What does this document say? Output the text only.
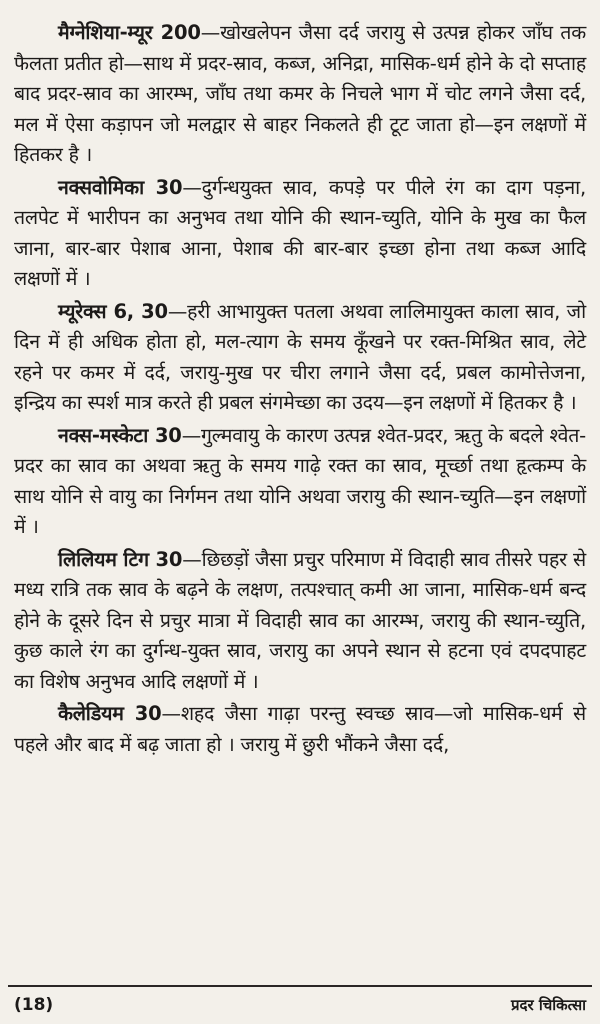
मैग्नेशिया-म्यूर 200—खोखलेपन जैसा दर्द जरायु से उत्पन्न होकर जाँघ तक फैलता प्रतीत हो—साथ में प्रदर-स्राव, कब्ज, अनिद्रा, मासिक-धर्म होने के दो सप्ताह बाद प्रदर-स्राव का आरम्भ, जाँघ तथा कमर के निचले भाग में चोट लगने जैसा दर्द, मल में ऐसा कड़ापन जो मलद्वार से बाहर निकलते ही टूट जाता हो—इन लक्षणों में हितकर है ।

नक्सवोमिका 30—दुर्गन्धयुक्त स्राव, कपड़े पर पीले रंग का दाग पड़ना, तलपेट में भारीपन का अनुभव तथा योनि की स्थान-च्युति, योनि के मुख का फैल जाना, बार-बार पेशाब आना, पेशाब की बार-बार इच्छा होना तथा कब्ज आदि लक्षणों में ।

म्यूरेक्स 6, 30—हरी आभायुक्त पतला अथवा लालिमायुक्त काला स्राव, जो दिन में ही अधिक होता हो, मल-त्याग के समय कूँखने पर रक्त-मिश्रित स्राव, लेटे रहने पर कमर में दर्द, जरायु-मुख पर चीरा लगाने जैसा दर्द, प्रबल कामोत्तेजना, इन्द्रिय का स्पर्श मात्र करते ही प्रबल संगमेच्छा का उदय—इन लक्षणों में हितकर है ।

नक्स-मस्केटा 30—गुल्मवायु के कारण उत्पन्न श्वेत-प्रदर, ऋतु के बदले श्वेत-प्रदर का स्राव का अथवा ऋतु के समय गाढ़े रक्त का स्राव, मूर्च्छा तथा हृत्कम्प के साथ योनि से वायु का निर्गमन तथा योनि अथवा जरायु की स्थान-च्युति—इन लक्षणों में ।

लिलियम टिग 30—छिछड़ों जैसा प्रचुर परिमाण में विदाही स्राव तीसरे पहर से मध्य रात्रि तक स्राव के बढ़ने के लक्षण, तत्पश्चात् कमी आ जाना, मासिक-धर्म बन्द होने के दूसरे दिन से प्रचुर मात्रा में विदाही स्राव का आरम्भ, जरायु की स्थान-च्युति, कुछ काले रंग का दुर्गन्ध-युक्त स्राव, जरायु का अपने स्थान से हटना एवं दपदपाहट का विशेष अनुभव आदि लक्षणों में ।

कैलेडियम 30—शहद जैसा गाढ़ा परन्तु स्वच्छ स्राव—जो मासिक-धर्म से पहले और बाद में बढ़ जाता हो । जरायु में छुरी भौंकने जैसा दर्द,

(18)	प्रदर चिकित्सा
